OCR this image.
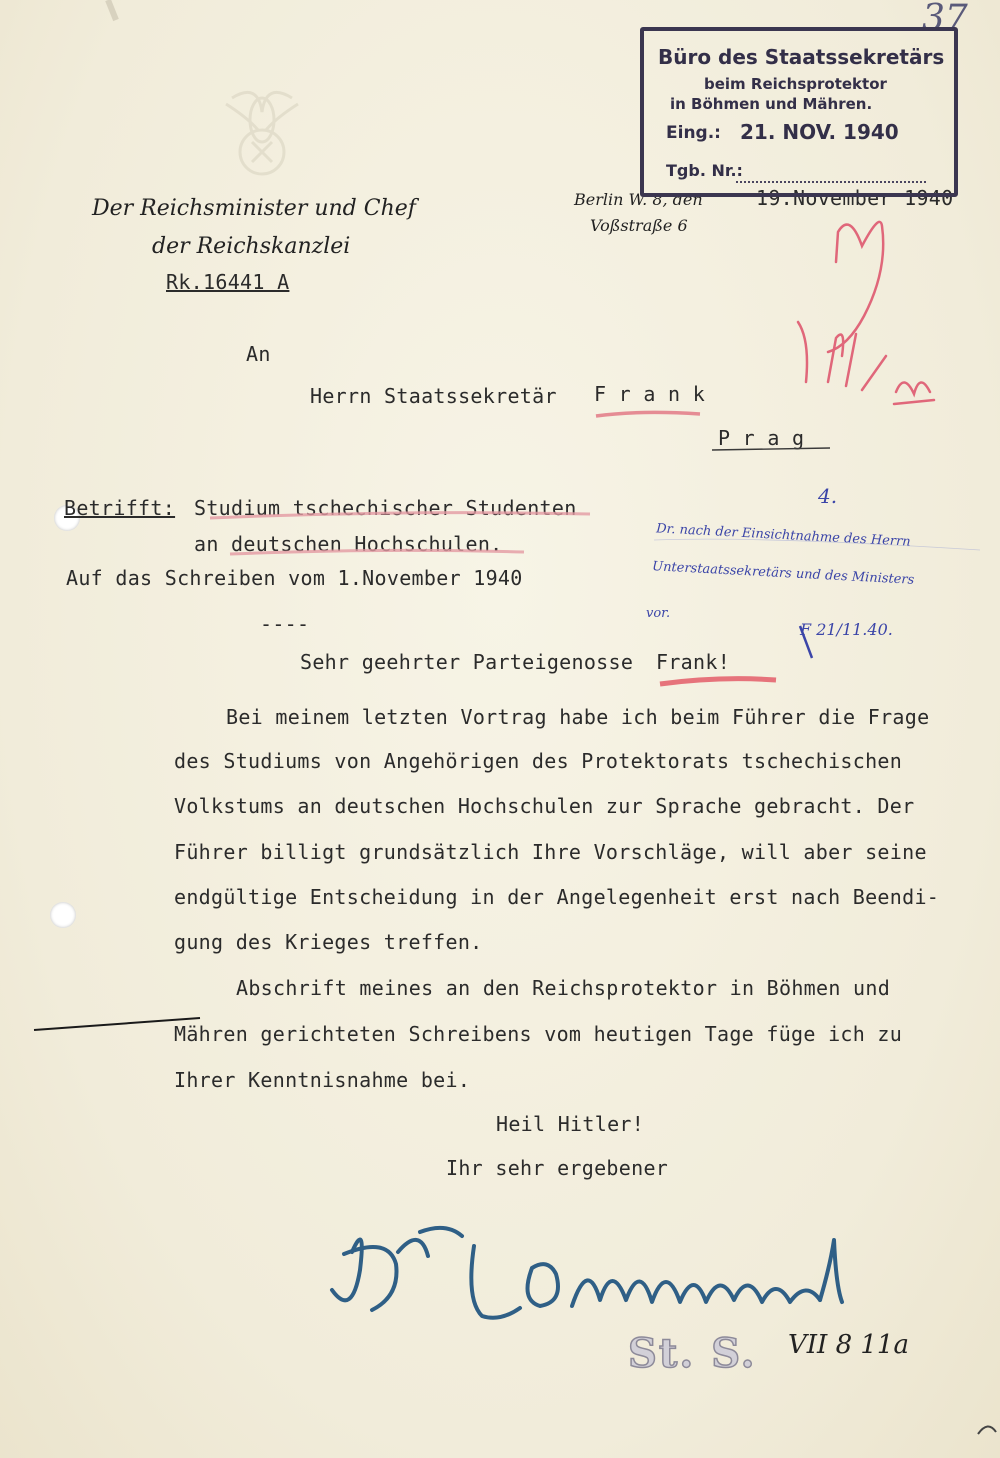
37
Der Reichsminister und Chef
der Reichskanzlei
Rk.16441 A
Berlin W. 8, den	19.November 1940
Voßstraße 6
Büro des Staatssekretärs
beim Reichsprotektor
in Böhmen und Mähren.
Eing.: 21. NOV. 1940
Tgb. Nr.:
An
Herrn Staatssekretär F r a n k
P r a g
Betrifft: Studium tschechischer Studenten
an deutschen Hochschulen.
Auf das Schreiben vom 1.November 1940
----
Sehr geehrter Parteigenosse Frank!
Bei meinem letzten Vortrag habe ich beim Führer die Frage
des Studiums von Angehörigen des Protektorats tschechischen
Volkstums an deutschen Hochschulen zur Sprache gebracht. Der
Führer billigt grundsätzlich Ihre Vorschläge, will aber seine
endgültige Entscheidung in der Angelegenheit erst nach Beendi-
gung des Krieges treffen.
Abschrift meines an den Reichsprotektor in Böhmen und
Mähren gerichteten Schreibens vom heutigen Tage füge ich zu
Ihrer Kenntnisnahme bei.
Heil Hitler!
Ihr sehr ergebener
St. S. VII 8 11a
4.
Dr. nach der Einsichtnahme des Herrn
Unterstaatssekretärs und des Ministers
vor.
F 21/11.40.
